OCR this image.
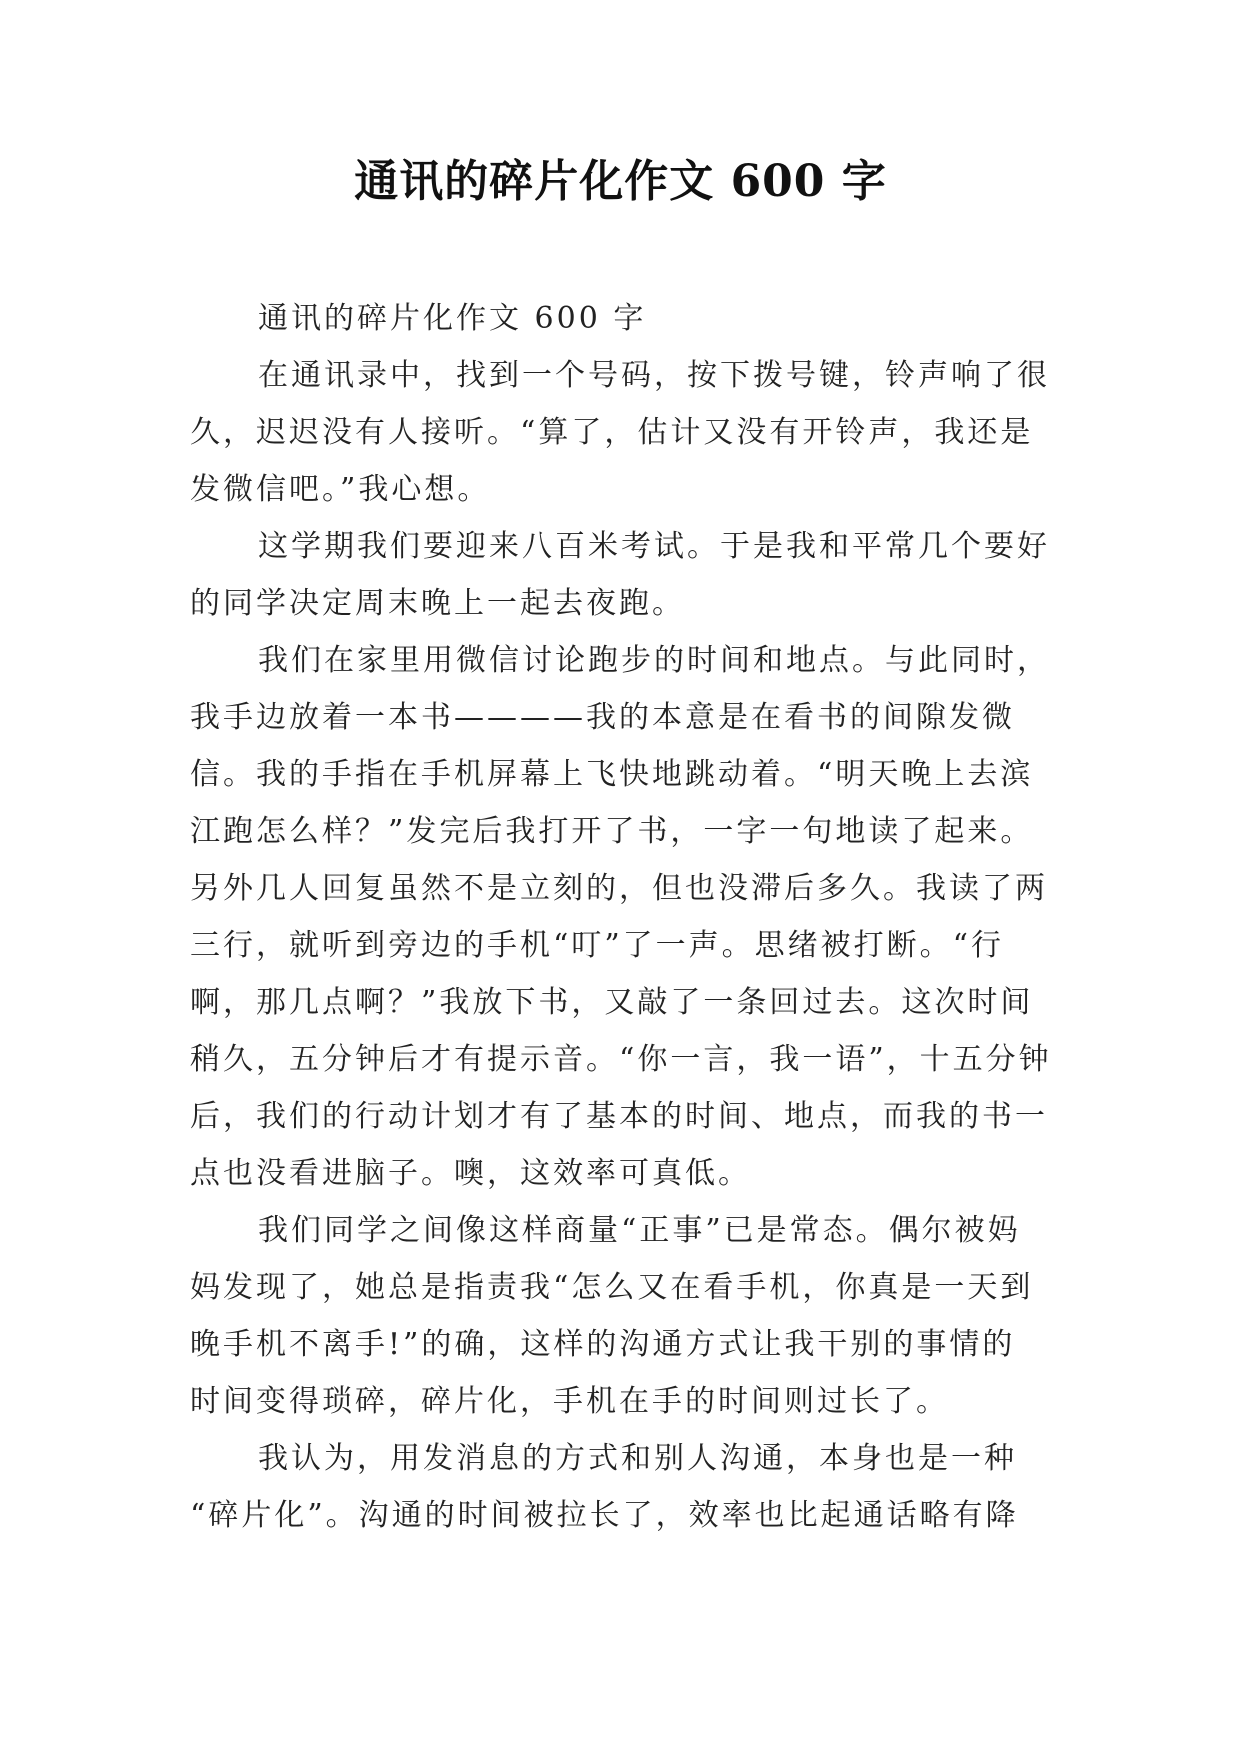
通讯的碎片化作文 600 字

通讯的碎片化作文 600 字

在通讯录中，找到一个号码，按下拨号键，铃声响了很
久，迟迟没有人接听。“算了，估计又没有开铃声，我还是
发微信吧。”我心想。

这学期我们要迎来八百米考试。于是我和平常几个要好
的同学决定周末晚上一起去夜跑。

我们在家里用微信讨论跑步的时间和地点。与此同时，
我手边放着一本书————我的本意是在看书的间隙发微
信。我的手指在手机屏幕上飞快地跳动着。“明天晚上去滨
江跑怎么样？”发完后我打开了书，一字一句地读了起来。
另外几人回复虽然不是立刻的，但也没滞后多久。我读了两
三行，就听到旁边的手机“叮”了一声。思绪被打断。“行
啊，那几点啊？”我放下书，又敲了一条回过去。这次时间
稍久，五分钟后才有提示音。“你一言，我一语”，十五分钟
后，我们的行动计划才有了基本的时间、地点，而我的书一
点也没看进脑子。噢，这效率可真低。

我们同学之间像这样商量“正事”已是常态。偶尔被妈
妈发现了，她总是指责我“怎么又在看手机，你真是一天到
晚手机不离手!”的确，这样的沟通方式让我干别的事情的
时间变得琐碎，碎片化，手机在手的时间则过长了。

我认为，用发消息的方式和别人沟通，本身也是一种
“碎片化”。沟通的时间被拉长了，效率也比起通话略有降
